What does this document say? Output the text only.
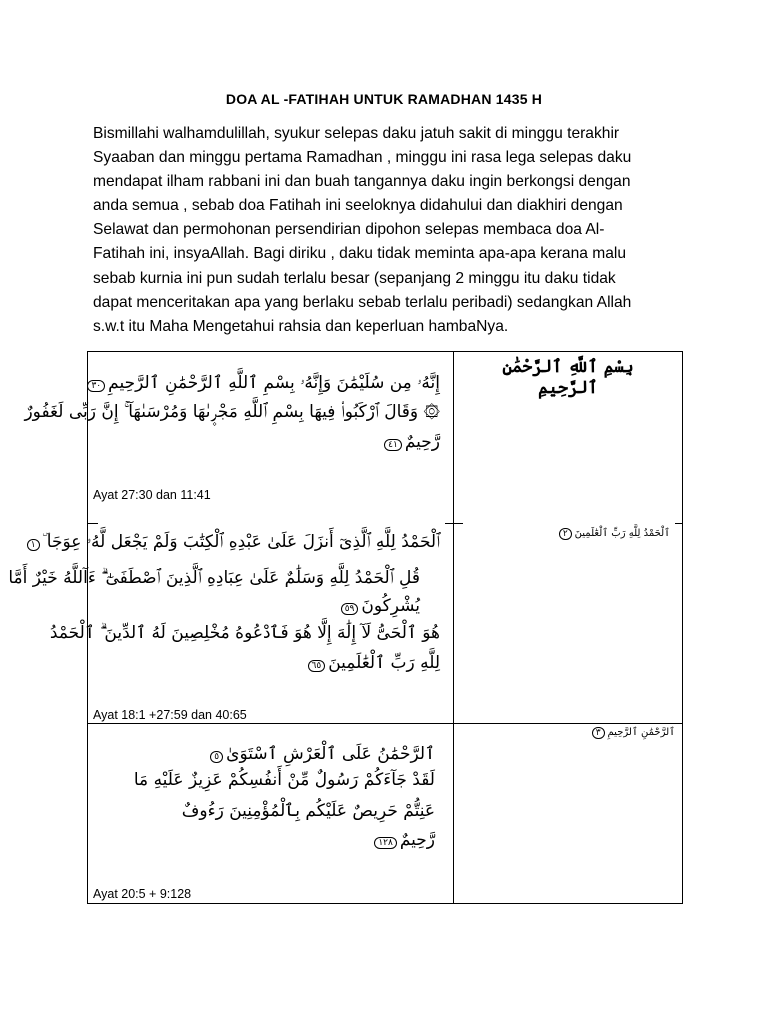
DOA AL -FATIHAH UNTUK RAMADHAN 1435 H
Bismillahi walhamdulillah, syukur selepas daku jatuh sakit di minggu terakhir
Syaaban dan minggu pertama Ramadhan , minggu ini rasa lega selepas daku
mendapat ilham rabbani ini dan buah tangannya daku ingin berkongsi dengan
anda semua , sebab doa Fatihah ini seeloknya didahului dan diakhiri dengan
Selawat dan permohonan persendirian dipohon selepas membaca doa Al-
Fatihah ini, insyaAllah. Bagi diriku , daku tidak meminta apa-apa kerana malu
sebab kurnia ini pun sudah terlalu besar (sepanjang 2 minggu itu daku tidak
dapat menceritakan apa yang berlaku sebab terlalu peribadi) sedangkan Allah
s.w.t itu Maha Mengetahui rahsia dan keperluan hambaNya.
إِنَّهُۥ مِن سُلَيْمَٰنَ وَإِنَّهُۥ بِسْمِ ٱللَّهِ ٱلرَّحْمَٰنِ ٱلرَّحِيمِ٣٠
۞ وَقَالَ ٱرْكَبُوا۟ فِيهَا بِسْمِ ٱللَّهِ مَجْر۪ىٰهَا وَمُرْسَىٰهَآ ۚ إِنَّ رَبِّى لَغَفُورٌ
رَّحِيمٌ٤١
Ayat 27:30 dan 11:41
بِسْمِ ٱللَّهِ ٱلرَّحْمَٰنِ ٱلرَّحِيمِ
ٱلْحَمْدُ لِلَّهِ ٱلَّذِىٓ أَنزَلَ عَلَىٰ عَبْدِهِ ٱلْكِتَٰبَ وَلَمْ يَجْعَل لَّهُۥ عِوَجَا ۜ١
قُلِ ٱلْحَمْدُ لِلَّهِ وَسَلَٰمٌ عَلَىٰ عِبَادِهِ ٱلَّذِينَ ٱصْطَفَىٰٓ ۗ ءَآللَّهُ خَيْرٌ أَمَّا
يُشْرِكُونَ٥٩
هُوَ ٱلْحَىُّ لَآ إِلَٰهَ إِلَّا هُوَ فَٱدْعُوهُ مُخْلِصِينَ لَهُ ٱلدِّينَ ۗ ٱلْحَمْدُ
لِلَّهِ رَبِّ ٱلْعَٰلَمِينَ٦٥
Ayat 18:1 +27:59 dan 40:65
ٱلْحَمْدُ لِلَّهِ رَبِّ ٱلْعَٰلَمِينَ٢
ٱلرَّحْمَٰنُ عَلَى ٱلْعَرْشِ ٱسْتَوَىٰ٥
لَقَدْ جَآءَكُمْ رَسُولٌ مِّنْ أَنفُسِكُمْ عَزِيزٌ عَلَيْهِ مَا
عَنِتُّمْ حَرِيصٌ عَلَيْكُم بِٱلْمُؤْمِنِينَ رَءُوفٌ
رَّحِيمٌ١٢٨
Ayat 20:5 + 9:128
ٱلرَّحْمَٰنِ ٱلرَّحِيمِ٣
